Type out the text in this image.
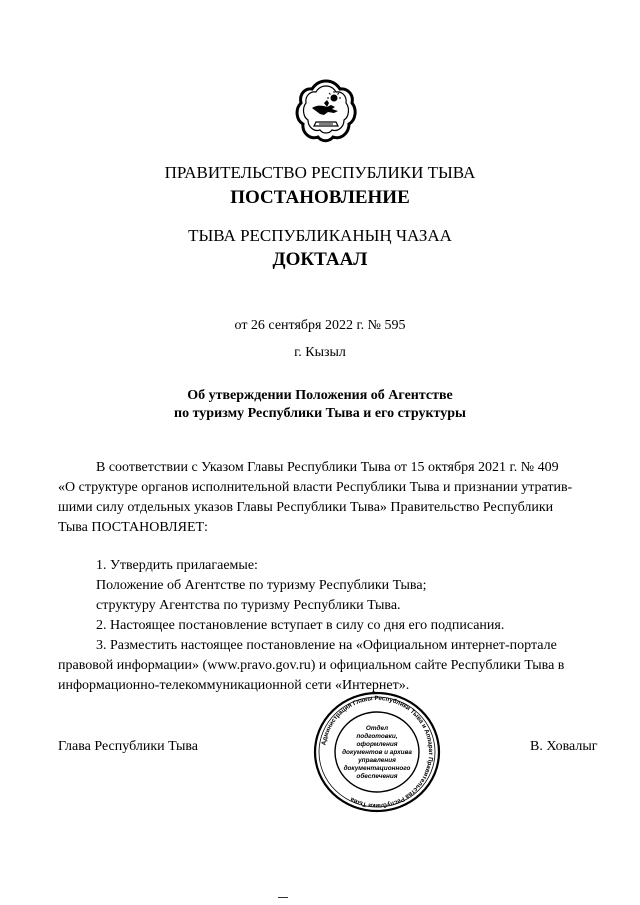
ПРАВИТЕЛЬСТВО РЕСПУБЛИКИ ТЫВА
ПОСТАНОВЛЕНИЕ
ТЫВА РЕСПУБЛИКАНЫҢ ЧАЗАА
ДОКТААЛ
от 26 сентября 2022 г. № 595
г. Кызыл
Об утверждении Положения об Агентстве
по туризму Республики Тыва и его структуры
В соответствии с Указом Главы Республики Тыва от 15 октября 2021 г. № 409
«О структуре органов исполнительной власти Республики Тыва и признании утратив-
шими силу отдельных указов Главы Республики Тыва» Правительство Республики
Тыва ПОСТАНОВЛЯЕТ:
1. Утвердить прилагаемые:
Положение об Агентстве по туризму Республики Тыва;
структуру Агентства по туризму Республики Тыва.
2. Настоящее постановление вступает в силу со дня его подписания.
3. Разместить настоящее постановление на «Официальном интернет-портале
правовой информации» (www.pravo.gov.ru) и официальном сайте Республики Тыва в
информационно-телекоммуникационной сети «Интернет».
Глава Республики Тыва	В. Ховалыг
Администрация Главы Республики Тыва и Аппарат Правительства Республики Тыва
Отдел
подготовки,
оформления
документов и архива
управления
документационного
обеспечения
